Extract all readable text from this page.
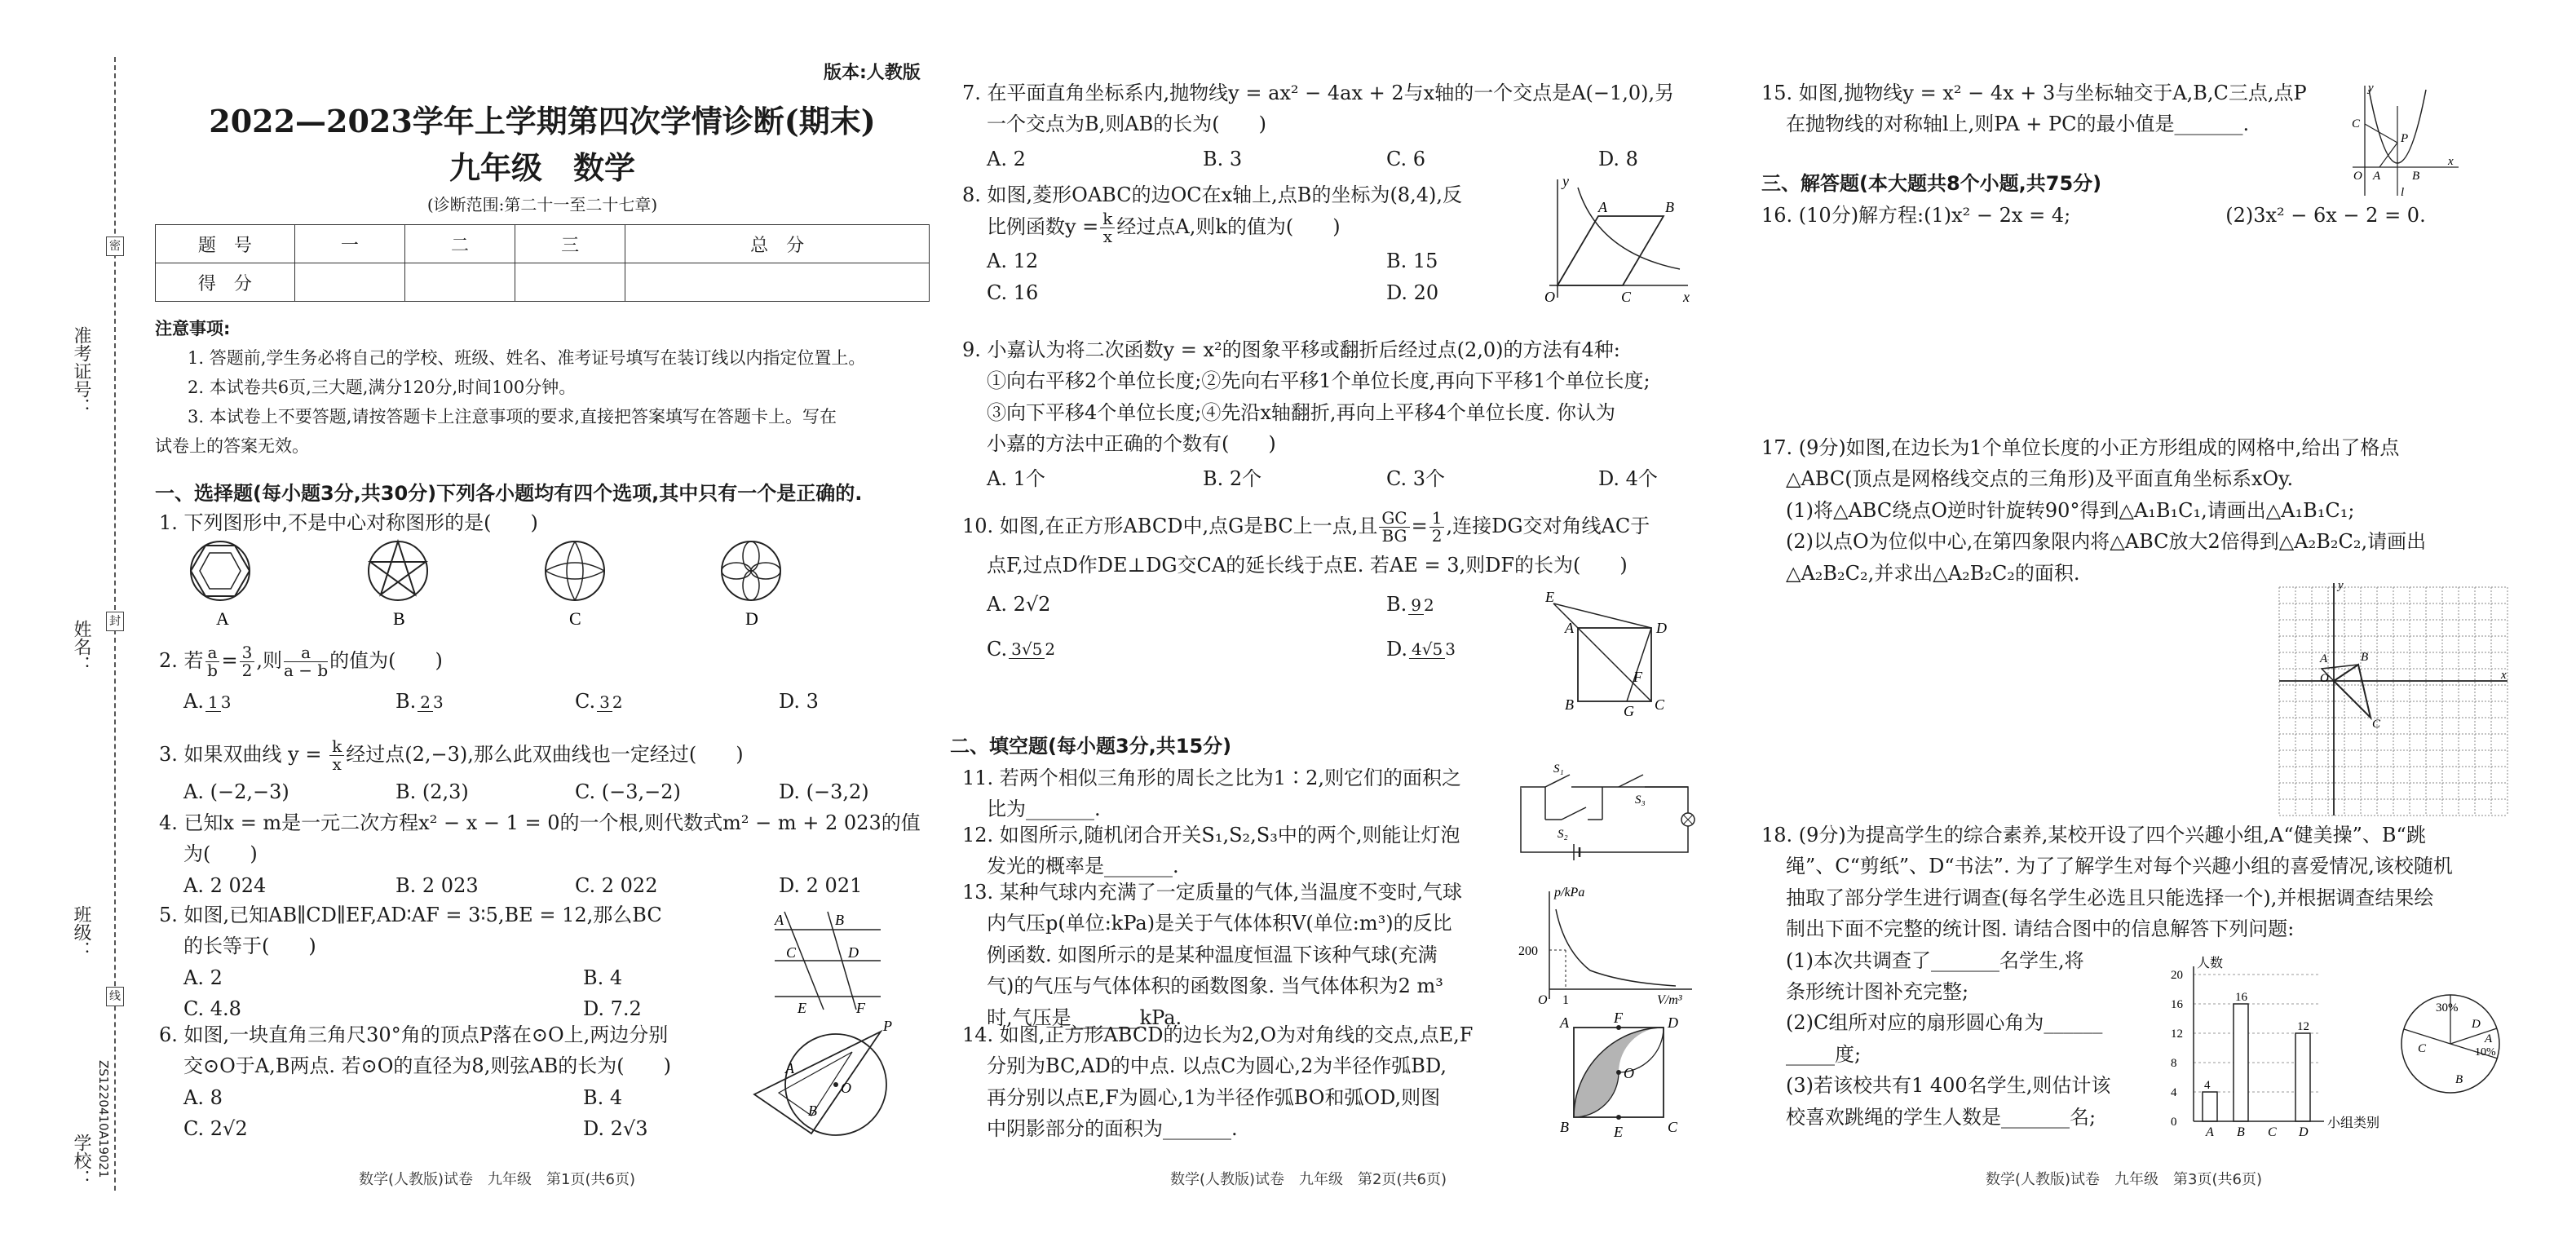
准考证号：
姓名：
班级：
学校：
密
封
线
ZS1220410A19021
版本:人教版
2022—2023学年上学期第四次学情诊断(期末)
九年级　数学
(诊断范围:第二十一至二十七章)
题　号	一	二	三	总　分
得　分				
注意事项:
1. 答题前,学生务必将自己的学校、班级、姓名、准考证号填写在装订线以内指定位置上。
2. 本试卷共6页,三大题,满分120分,时间100分钟。
3. 本试卷上不要答题,请按答题卡上注意事项的要求,直接把答案填写在答题卡上。写在
试卷上的答案无效。
一、选择题(每小题3分,共30分)下列各小题均有四个选项,其中只有一个是正确的.

1. 下列图形中,不是中心对称图形的是(　　)

A	B	C	D

2. 若 $\frac{a}{b} = \frac{3}{2}$ ,则 $\frac{a}{a - b}$ 的值为(　　)

A. 1 3	B. 2 3	C. 3 2	D. 3

3. 如果双曲线 $y = \frac{k}{x}$ 经过点(2,−3),那么此双曲线也一定经过(　　)

A. (−2,−3)	B. (2,3)	C. (−3,−2)	D. (−3,2)

4. 已知x = m是一元二次方程x² − x − 1 = 0的一个根,则代数式m² − m + 2 023的值

为(　　)

A. 2 024	B. 2 023	C. 2 022	D. 2 021

5. 如图,已知AB∥CD∥EF,AD∶AF = 3∶5,BE = 12,那么BC

的长等于(　　)

A. 2	B. 4
C. 4.8	D. 7.2
A	B
C	D
E	F

6. 如图,一块直角三角尺30°角的顶点P落在⊙O上,两边分别

交⊙O于A,B两点. 若⊙O的直径为8,则弦AB的长为(　　)

A. 8	B. 4
C. 2√2	D. 2√3
P
A
B
O
数学(人教版)试卷　九年级　第1页(共6页)

7. 在平面直角坐标系内,抛物线y = ax² − 4ax + 2与x轴的一个交点是A(−1,0),另

一个交点为B,则AB的长为(　　)

A. 2	B. 3	C. 6	D. 8

8. 如图,菱形OABC的边OC在x轴上,点B的坐标为(8,4),反

比例函数$y = \frac{k}{x}$ 经过点A,则k的值为(　　)

A. 12	B. 15
C. 16	D. 20	O
A	B
C	x
y

9. 小嘉认为将二次函数y = x²的图象平移或翻折后经过点(2,0)的方法有4种:

①向右平移2个单位长度;②先向右平移1个单位长度,再向下平移1个单位长度;

③向下平移4个单位长度;④先沿x轴翻折,再向上平移4个单位长度. 你认为

小嘉的方法中正确的个数有(　　)

A. 1个	B. 2个	C. 3个	D. 4个

10. 如图,在正方形ABCD中,点G是BC上一点,且 $\frac{GC}{BG} = \frac{1}{2}$ ,连接DG交对角线AC于

点F,过点D作DE⊥DG交CA的延长线于点E. 若AE = 3,则DF的长为(　　)

A. 2√2	B. 9 2
C. 3√5 2	D. 4√5 3
E
A	D
B	C
G
F
二、填空题(每小题3分,共15分)

11. 若两个相似三角形的周长之比为1∶2,则它们的面积之

比为_______.

12. 如图所示,随机闭合开关S₁,S₂,S₃中的两个,则能让灯泡

发光的概率是_______.

S₁
S₂
S₃

13. 某种气球内充满了一定质量的气体,当温度不变时,气球

内气压p(单位:kPa)是关于气体体积V(单位:m³)的反比

例函数. 如图所示的是某种温度恒温下该种气球(充满

气)的气压与气体体积的函数图象. 当气体体积为2 m³

时,气压是_______kPa.

p/kPa
200
O 1	V/m³

14. 如图,正方形ABCD的边长为2,O为对角线的交点,点E,F

分别为BC,AD的中点. 以点C为圆心,2为半径作弧BD,

再分别以点E,F为圆心,1为半径作弧BO和弧OD,则图

中阴影部分的面积为_______.

A	D
B	C
E
F
O
数学(人教版)试卷　九年级　第2页(共6页)

15. 如图,抛物线y = x² − 4x + 3与坐标轴交于A,B,C三点,点P

在抛物线的对称轴l上,则PA + PC的最小值是_______.

y
C
P
O A	B
x
l
三、解答题(本大题共8个小题,共75分)

16. (10分)解方程:(1)x² − 2x = 4;	(2)3x² − 6x − 2 = 0.

17. (9分)如图,在边长为1个单位长度的小正方形组成的网格中,给出了格点

△ABC(顶点是网格线交点的三角形)及平面直角坐标系xOy.

(1)将△ABC绕点O逆时针旋转90°得到△A₁B₁C₁,请画出△A₁B₁C₁;

(2)以点O为位似中心,在第四象限内将△ABC放大2倍得到△A₂B₂C₂,请画出

△A₂B₂C₂,并求出△A₂B₂C₂的面积.

y
x
O
A	B
C

18. (9分)为提高学生的综合素养,某校开设了四个兴趣小组,A“健美操”、B“跳

绳”、C“剪纸”、D“书法”. 为了了解学生对每个兴趣小组的喜爱情况,该校随机

抽取了部分学生进行调查(每名学生必选且只能选择一个),并根据调查结果绘

制出下面不完整的统计图. 请结合图中的信息解答下列问题:

(1)本次共调查了_______名学生,将

条形统计图补充完整;

(2)C组所对应的扇形圆心角为______

_____度;

(3)若该校共有1 400名学生,则估计该

校喜欢跳绳的学生人数是_______名;	0
4
8
12
16
20
4
16
12
A B C D
人数
小组类别
30%
D
A
10%
C
B
数学(人教版)试卷　九年级　第3页(共6页)
